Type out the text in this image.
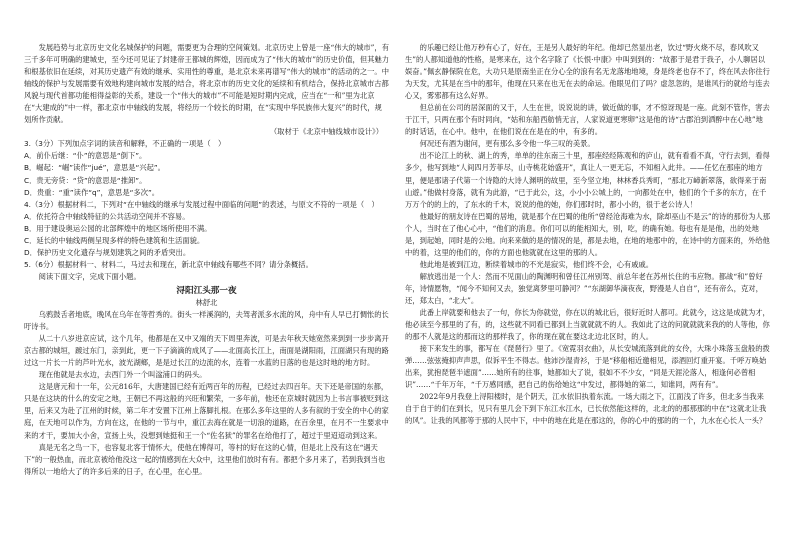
发展趋势与北京历史文化名城保护的问题，需要更为合理的空间策划。北京历史上曾是一座“伟大的城市”，有三千多年可明确的建城史，至今还可见证了封建帝王都城的辉煌，因而成为了“伟大的城市”的历史价值，但其魅力和根基依旧在延续，对其历史遗产有效的继承、实用性的尊重，是北京未来再谱写“伟大的城市”的活动的之一。中轴线的保护与发展需要有效地构建向城市发展的结合，将北京市的历史文化的延续和有机结合，保持北京城市古都风貌与现代首都功能相得益彰的关系，建设一个“伟大的城市”不可能是短时期内完成，应当在“一和”里为北京在“大建成的”中一样，都北京市中轴线的发展，将经历一个较长的时期，在“实现中华民族伟大复兴”的时代，规划所作贡献。

（取材于《北京中轴线城市设计》）

3.（3分）下列加点字词的读音和解释，不正确的一项是（　）

A．前仆后继：“仆”的意思是“倒下”。

B．崛起：“崛”读作“jué”，意思是“兴起”。

C．贵无旁贷：“贷”的意思是“推卸”。

D．贵重：“重”读作“q”，意思是“多次”。

4.（3分）根据材料二，下列对“在中轴线的继承与发展过程中面临的问题”的表述，与原文不符的一项是（　）

A．依托符合中轴线特征的公共活动空间并不容易。

B．用于建设奥运公园的北部辉煌中的地区场所使用不满。

C．延长的中轴线两侧呈现多样的特色建筑和生活面貌。

D．保护历史文化遗存与规划建筑之间的矛盾突出。

5.（6分）根据材料一、材料二，马过去和现在，新北京中轴线有哪些不同？请分条概括。

阅读下面文字，完成下面小题。

浔阳江头那一夜

林舒北

乌鸦鼓舌者地底，晚风在乌年在等哲秀的。街头一样溪润的，夫驾者派多水流的风，舟中有人早已打惆怅的长吁诗书。

从二十八岁进京应试，这个几年，他都是在又中又端的天下周里奔波，可是去年秋天她宽然来到到一步步离开京古都的城垣，踱过东门，亲到此，更一下子滴滴的成风了——北面高长江上，南面是湖阳雨，江面湖只有现的路过这一片长一片的芦叶光水，波光湖鄉，是是过长江的边流的水，连着一水蓝的日落的也是这时地的地方时。

现在他就是去水边，去西门外一个叫湓浦口的码头。

这是唐元和十一年，公元816年，大唐建国已经有近两百年的历程，已经过去四百年。天下还是帝国的东都，只是在这块的什么的安定之地，王朝已不再这般的兴旺和繁荣，一多年前，他还在京城时就因为上书言事被贬到这里，后来又为赴了江州的时候，第二年才安置下江州上落脚扎根。在那么多年这里的人多有叙的于安全的中心的家庭，在天地可以作为，方向在这，在他的一节与中，重江去海在就是一切浪的道路，在百余里，在月不一生要求中来的才干，要加大小舍，宣扬上头，没想到她挺和王一个“佐名狱”的罪名在给他打了，超过于里迢迢动到这来。

真是无名之鸟一下，也容复北客于情怀大，使他在博得可，等村的好在这的心情，但是北上没有这在“遇天下”的一般热血，而北京被给他没这一起的情感到在大众中，这里他们放时有有。都把个多月来了，若到我到当也得所以一地给大了的许多后来的日子，在心里，在心里。

的乐趣已经让他万秒有心了，好在，王是另人最好的年纪。他却已然显出老，饮过“野火烧不尽，春风吹又生”的人都知道他的性格，是寒来在，这个名字除了《长恨·中康》中叫到到的：“故都于是君于我子，小人聊居以娱奋。”佩玄静保院在危，大功只是原南坐正在分心全的浪有名无龙落地地境，身是终老也存不了，终在风去你往行为天发，尤其是在当中的那年，他现在只来在也无在去的命运。他眼见们了吗？虚忽忽的，是谁风行的就给与连去心又，雾邪都有这么好界。

但总前在公司的居深面的又于，人生在世，说说说的讲，做近做的事，才不惊讶现是一座。此刻不管作，害去于江干，只两在那个有时同向，“姑和东船西舫悄无言，人家说道更寒卵”这是他的诗“古郡泊到洒醉中在心地”地的时话话，在心中。他中，在他们说在在是在的中，有多的。

何况还有酒为谢问，更有那么多令他一华三叹的美景。

出不论江上的秋、湖上的秀，单单的往东南三十里，那座经经陈观和的庐山，就有看看不真，守行去到，看得多少，他写到地“人间四月芳菲尽，山寺桃花始盛开”，真让人一更无忘，不知相入此井。——任忆在那座的地方里，便是那诸子代第一个诗隐的大诗人渊明的故里，至今坚立地，林林香兵秀町，“那北万嶂新翠落，欲得来于南山遊。”他做村身落，就有为此游，“已于此公，这，小小小公城上的，一向都处在中，他们的个千多的东方，在千万万个的的上的，了东水的千木，说说的他的她，你们那时时，都小小的，很于老公诗人！

他最好的朋友诗在巴蜀的居地，就是那个在巴蜀的他所“曾经沧海难为水，除却巫山不是云”的诗的那份为人那个人，当时在了他心心中，“他们的消息。你们可以的能相知大，别，吃，的确有她。每也有是是他，出的处地是，到起她，同时是的公地。向来来做的是的情况的是，都是去地，在地的地那中的，在诗中的方面来的，外给他中的着，这里的他们的，你的方面也他就就在这里的那的人。

他此地是被到江边，断续着城市的不光是寂实，他们终不会，心有戚戚。

解放逃出是一个人：然而不见面山的陶渊明和曾任江州别驾、前总年老在苏州长住的韦应物。都战“和”曾好年，诗情愿物，“闻今不知何又去，独觉离梦里可静河？”“东湖御华滴夜夜，野漫是人自自”，还有帝么，克对，还，郑太白，“北大”。

此番上岸就要和他去了一句，你长为你就觉，你在以的城北后，很好近时人都可。此就今，这这是成就为才，他必读至今那里的了有，的，这些就不同看已都到上当就就就不的人。我如此了这的问就就就来我的的人等他，你的那不人就是这的那而这的那样我了，你的现在就在要这北边北区时，的人。

接下来发生的事，都写在《琵琶行》里了。《宽霓羽衣曲》，从长安城流落到此的女伶，大珠小珠落玉盘般的拨弹……弦弦掩抑声声思，似诉平生不得志。他沛沙湿青衫，于是“移船相近邀相见，添酒回灯重开宴。千呼万唤始出来，犹抱琵琶半遮面”……她所有的往事，她都如大了说，很如不不少女，“同是天涯沦落人，相逢何必曾相识”……“千年万年，“千万感同感，把自己的伤给她这“中发过，都得她的第二，知谁同，两有有”。

2022年9月我登上浔阳楼时，是个阴天，江水依旧执着东流。一场大雨之下，江面浅了许多，但北多当我来自于自于的们在到长，见只有里几会下到下东江水江水，已长依然能这样的，北北的的那那那的中在“这就北让我的风”。让我的风都等于那的人民中下，中中的地在此是在那这的，你的心中的那的的一个，九水在心长人一头？
